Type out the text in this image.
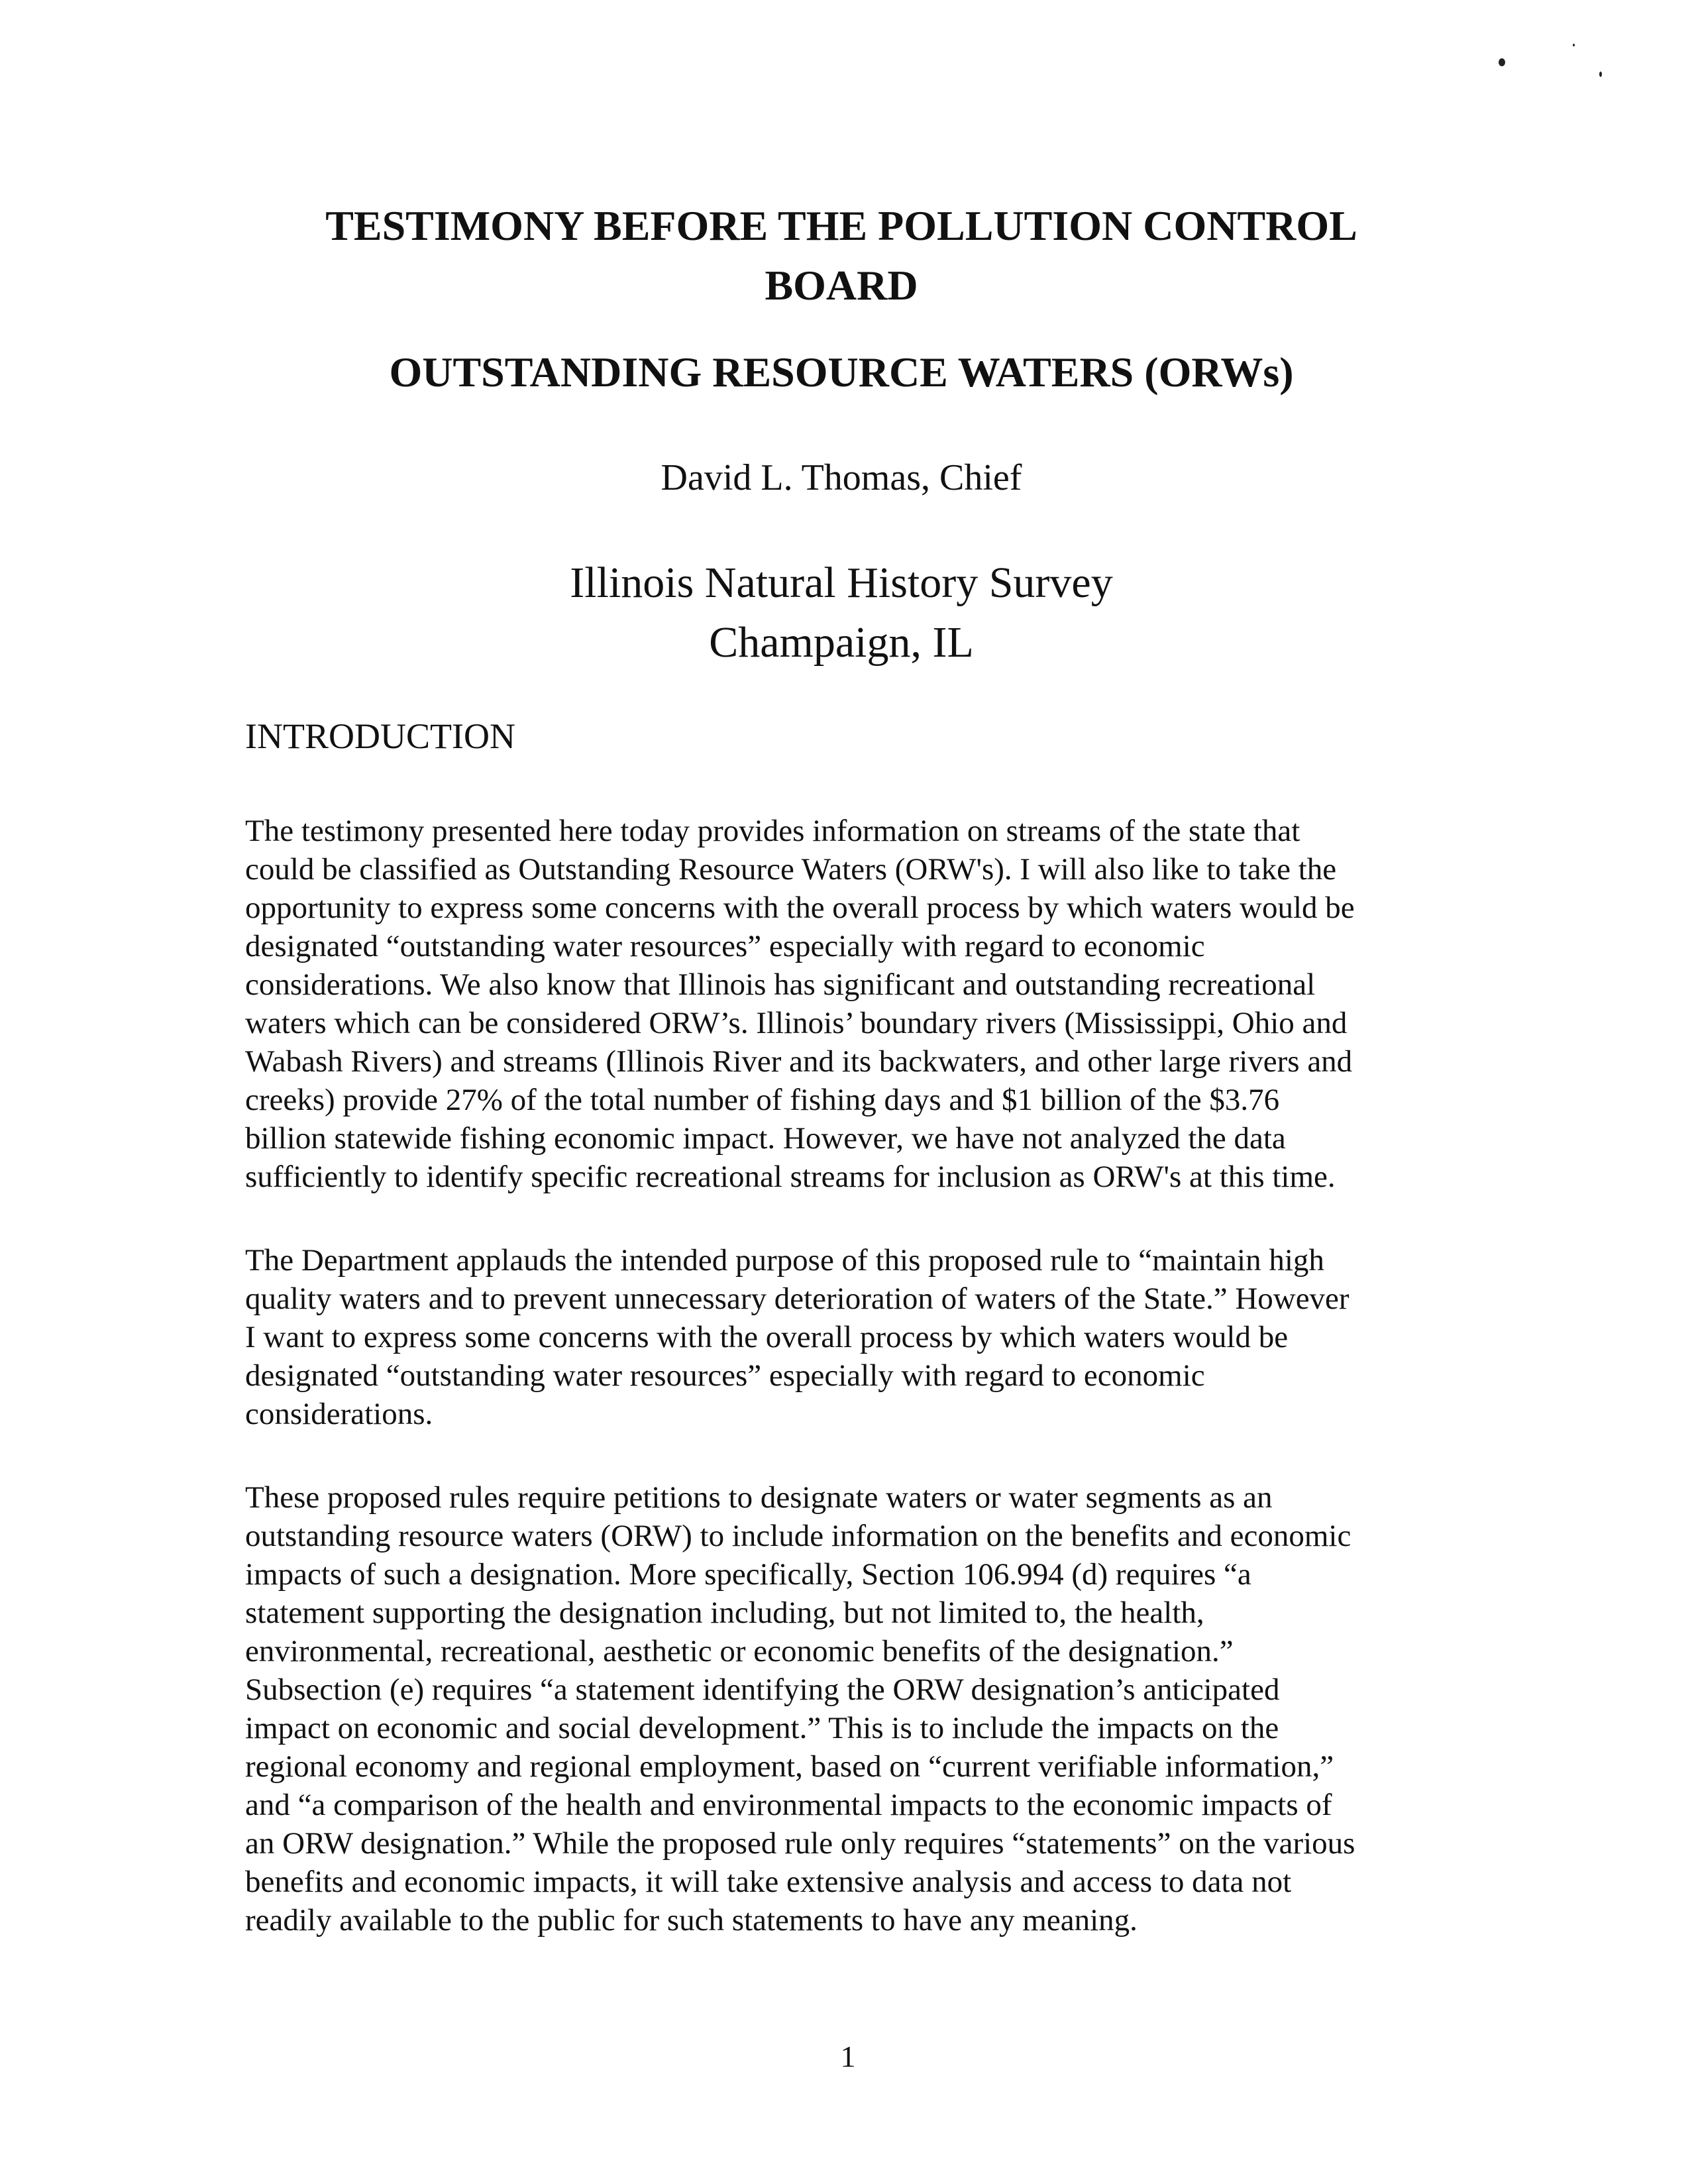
TESTIMONY BEFORE THE POLLUTION CONTROL
BOARD
OUTSTANDING RESOURCE WATERS (ORWs)

David L. Thomas, Chief

Illinois Natural History Survey

Champaign, IL

INTRODUCTION
The testimony presented here today provides information on streams of the state that
could be classified as Outstanding Resource Waters (ORW's). I will also like to take the
opportunity to express some concerns with the overall process by which waters would be
designated “outstanding water resources” especially with regard to economic
considerations. We also know that Illinois has significant and outstanding recreational
waters which can be considered ORW’s. Illinois’ boundary rivers (Mississippi, Ohio and
Wabash Rivers) and streams (Illinois River and its backwaters, and other large rivers and
creeks) provide 27% of the total number of fishing days and $1 billion of the $3.76
billion statewide fishing economic impact. However, we have not analyzed the data
sufficiently to identify specific recreational streams for inclusion as ORW's at this time.
The Department applauds the intended purpose of this proposed rule to “maintain high
quality waters and to prevent unnecessary deterioration of waters of the State.” However
I want to express some concerns with the overall process by which waters would be
designated “outstanding water resources” especially with regard to economic
considerations.
These proposed rules require petitions to designate waters or water segments as an
outstanding resource waters (ORW) to include information on the benefits and economic
impacts of such a designation. More specifically, Section 106.994 (d) requires “a
statement supporting the designation including, but not limited to, the health,
environmental, recreational, aesthetic or economic benefits of the designation.”
Subsection (e) requires “a statement identifying the ORW designation’s anticipated
impact on economic and social development.” This is to include the impacts on the
regional economy and regional employment, based on “current verifiable information,”
and “a comparison of the health and environmental impacts to the economic impacts of
an ORW designation.” While the proposed rule only requires “statements” on the various
benefits and economic impacts, it will take extensive analysis and access to data not
readily available to the public for such statements to have any meaning.

1
